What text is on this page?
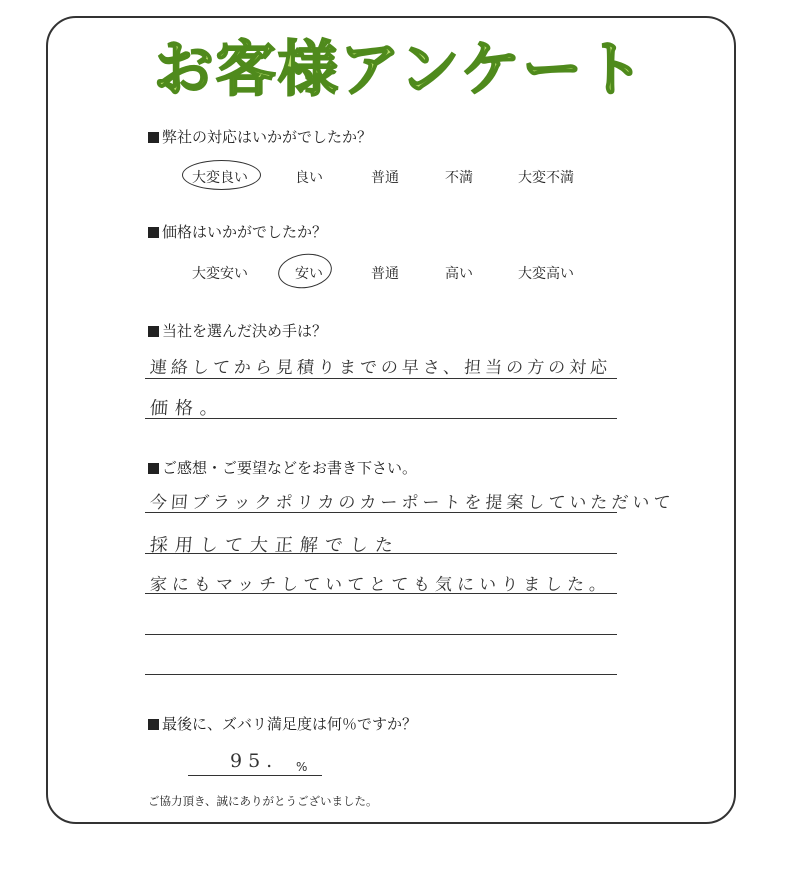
お客様アンケート
弊社の対応はいかがでしたか？
大変良い	良い	普通	不満	大変不満
価格はいかがでしたか？
大変安い	安い	普通	高い	大変高い
当社を選んだ決め手は？
連絡してから見積りまでの早さ、担当の方の対応
価格。
ご感想・ご要望などをお書き下さい。
今回ブラックポリカのカーポートを提案していただいて
採用して大正解でした
家にもマッチしていてとても気にいりました。
最後に、ズバリ満足度は何％ですか？
95. %
ご協力頂き、誠にありがとうございました。
